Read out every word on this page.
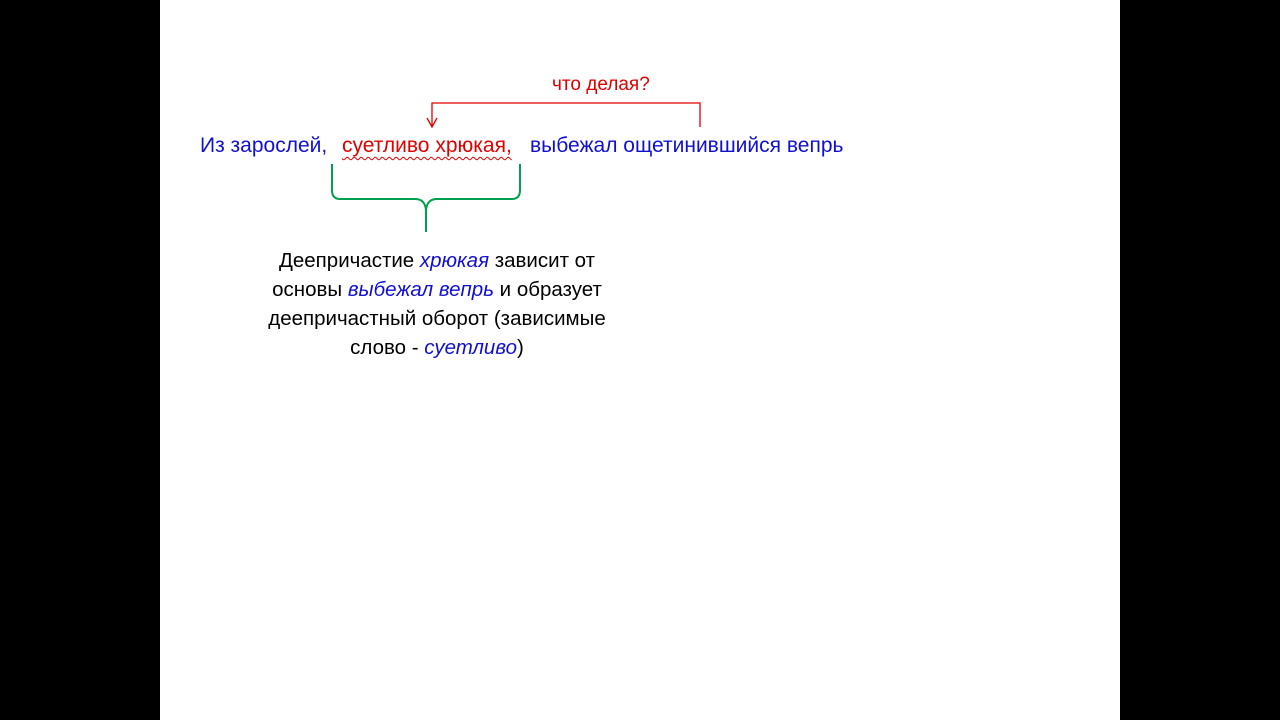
что делая?
Из зарослей, суетливо хрюкая, выбежал ощетинившийся вепрь
Деепричастие хрюкая зависит от основы выбежал вепрь и образует деепричастный оборот (зависимые слово - суетливо)
